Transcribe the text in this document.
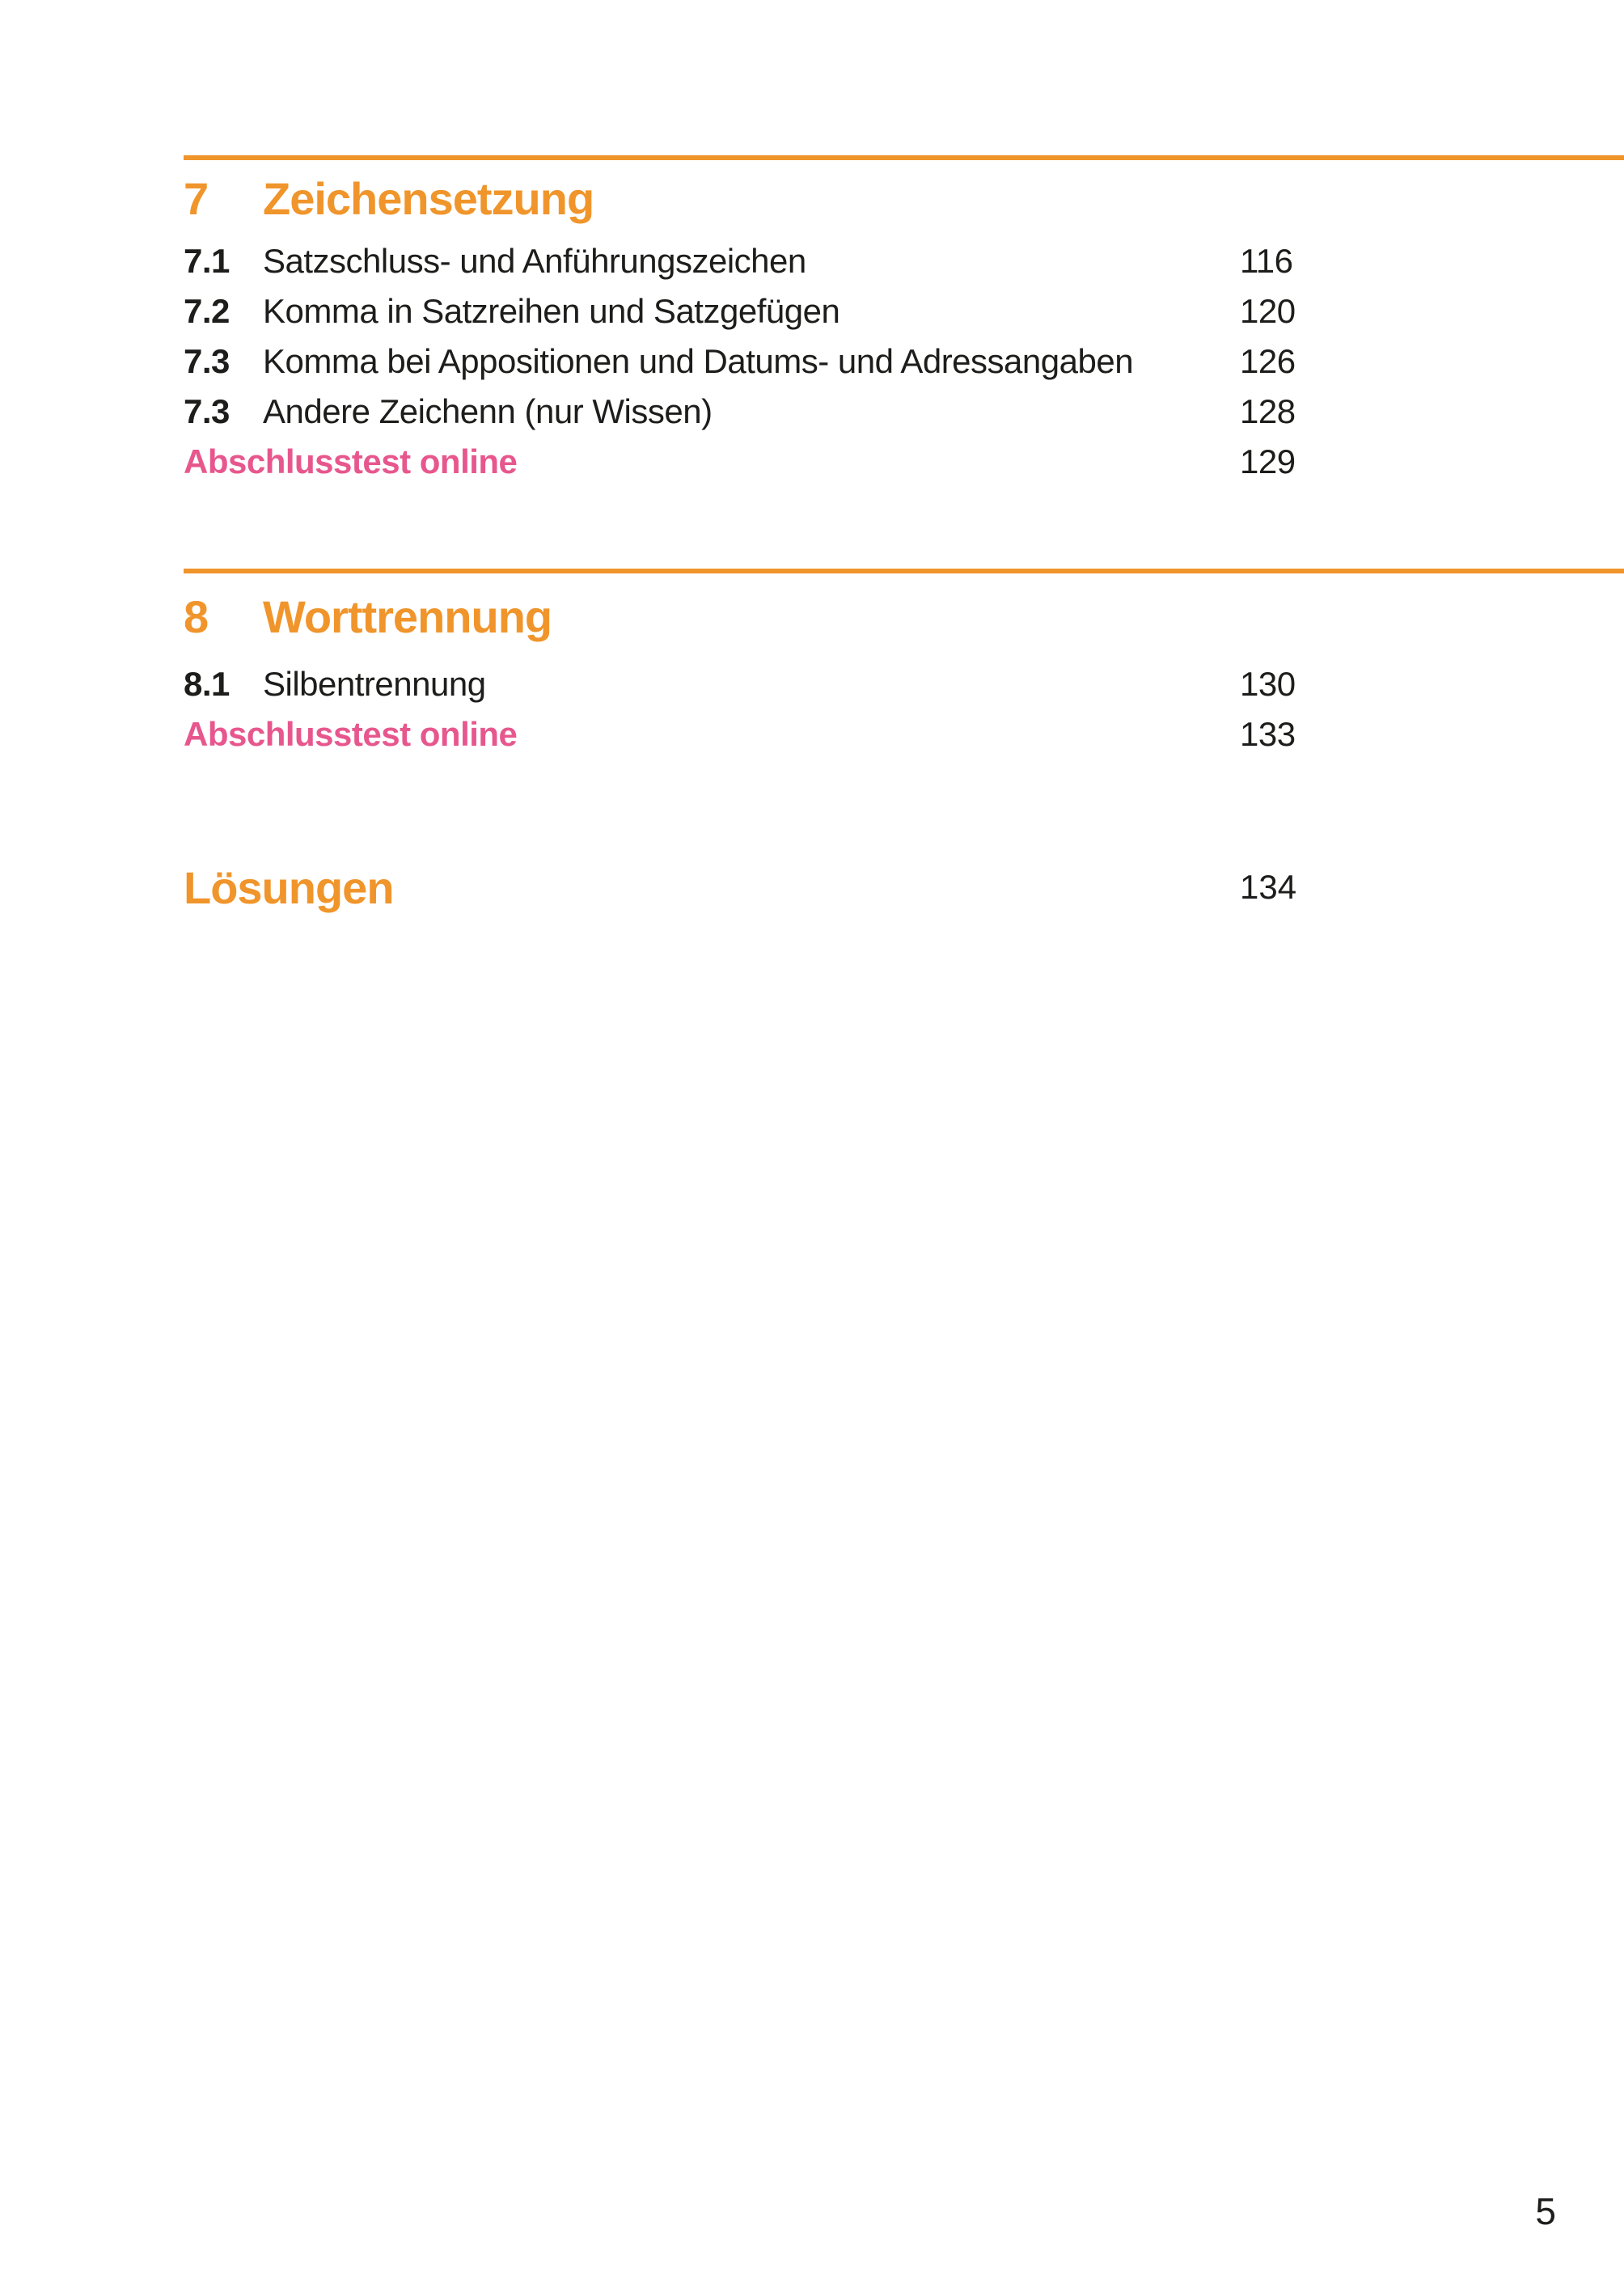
7	Zeichensetzung
7.1 Satzschluss- und Anführungszeichen	116
7.2 Komma in Satzreihen und Satzgefügen	120
7.3 Komma bei Appositionen und Datums- und Adressangaben	126
7.3 Andere Zeichenn (nur Wissen)	128
Abschlusstest online	129
8	Worttrennung
8.1 Silbentrennung	130
Abschlusstest online	133
Lösungen	134
5
